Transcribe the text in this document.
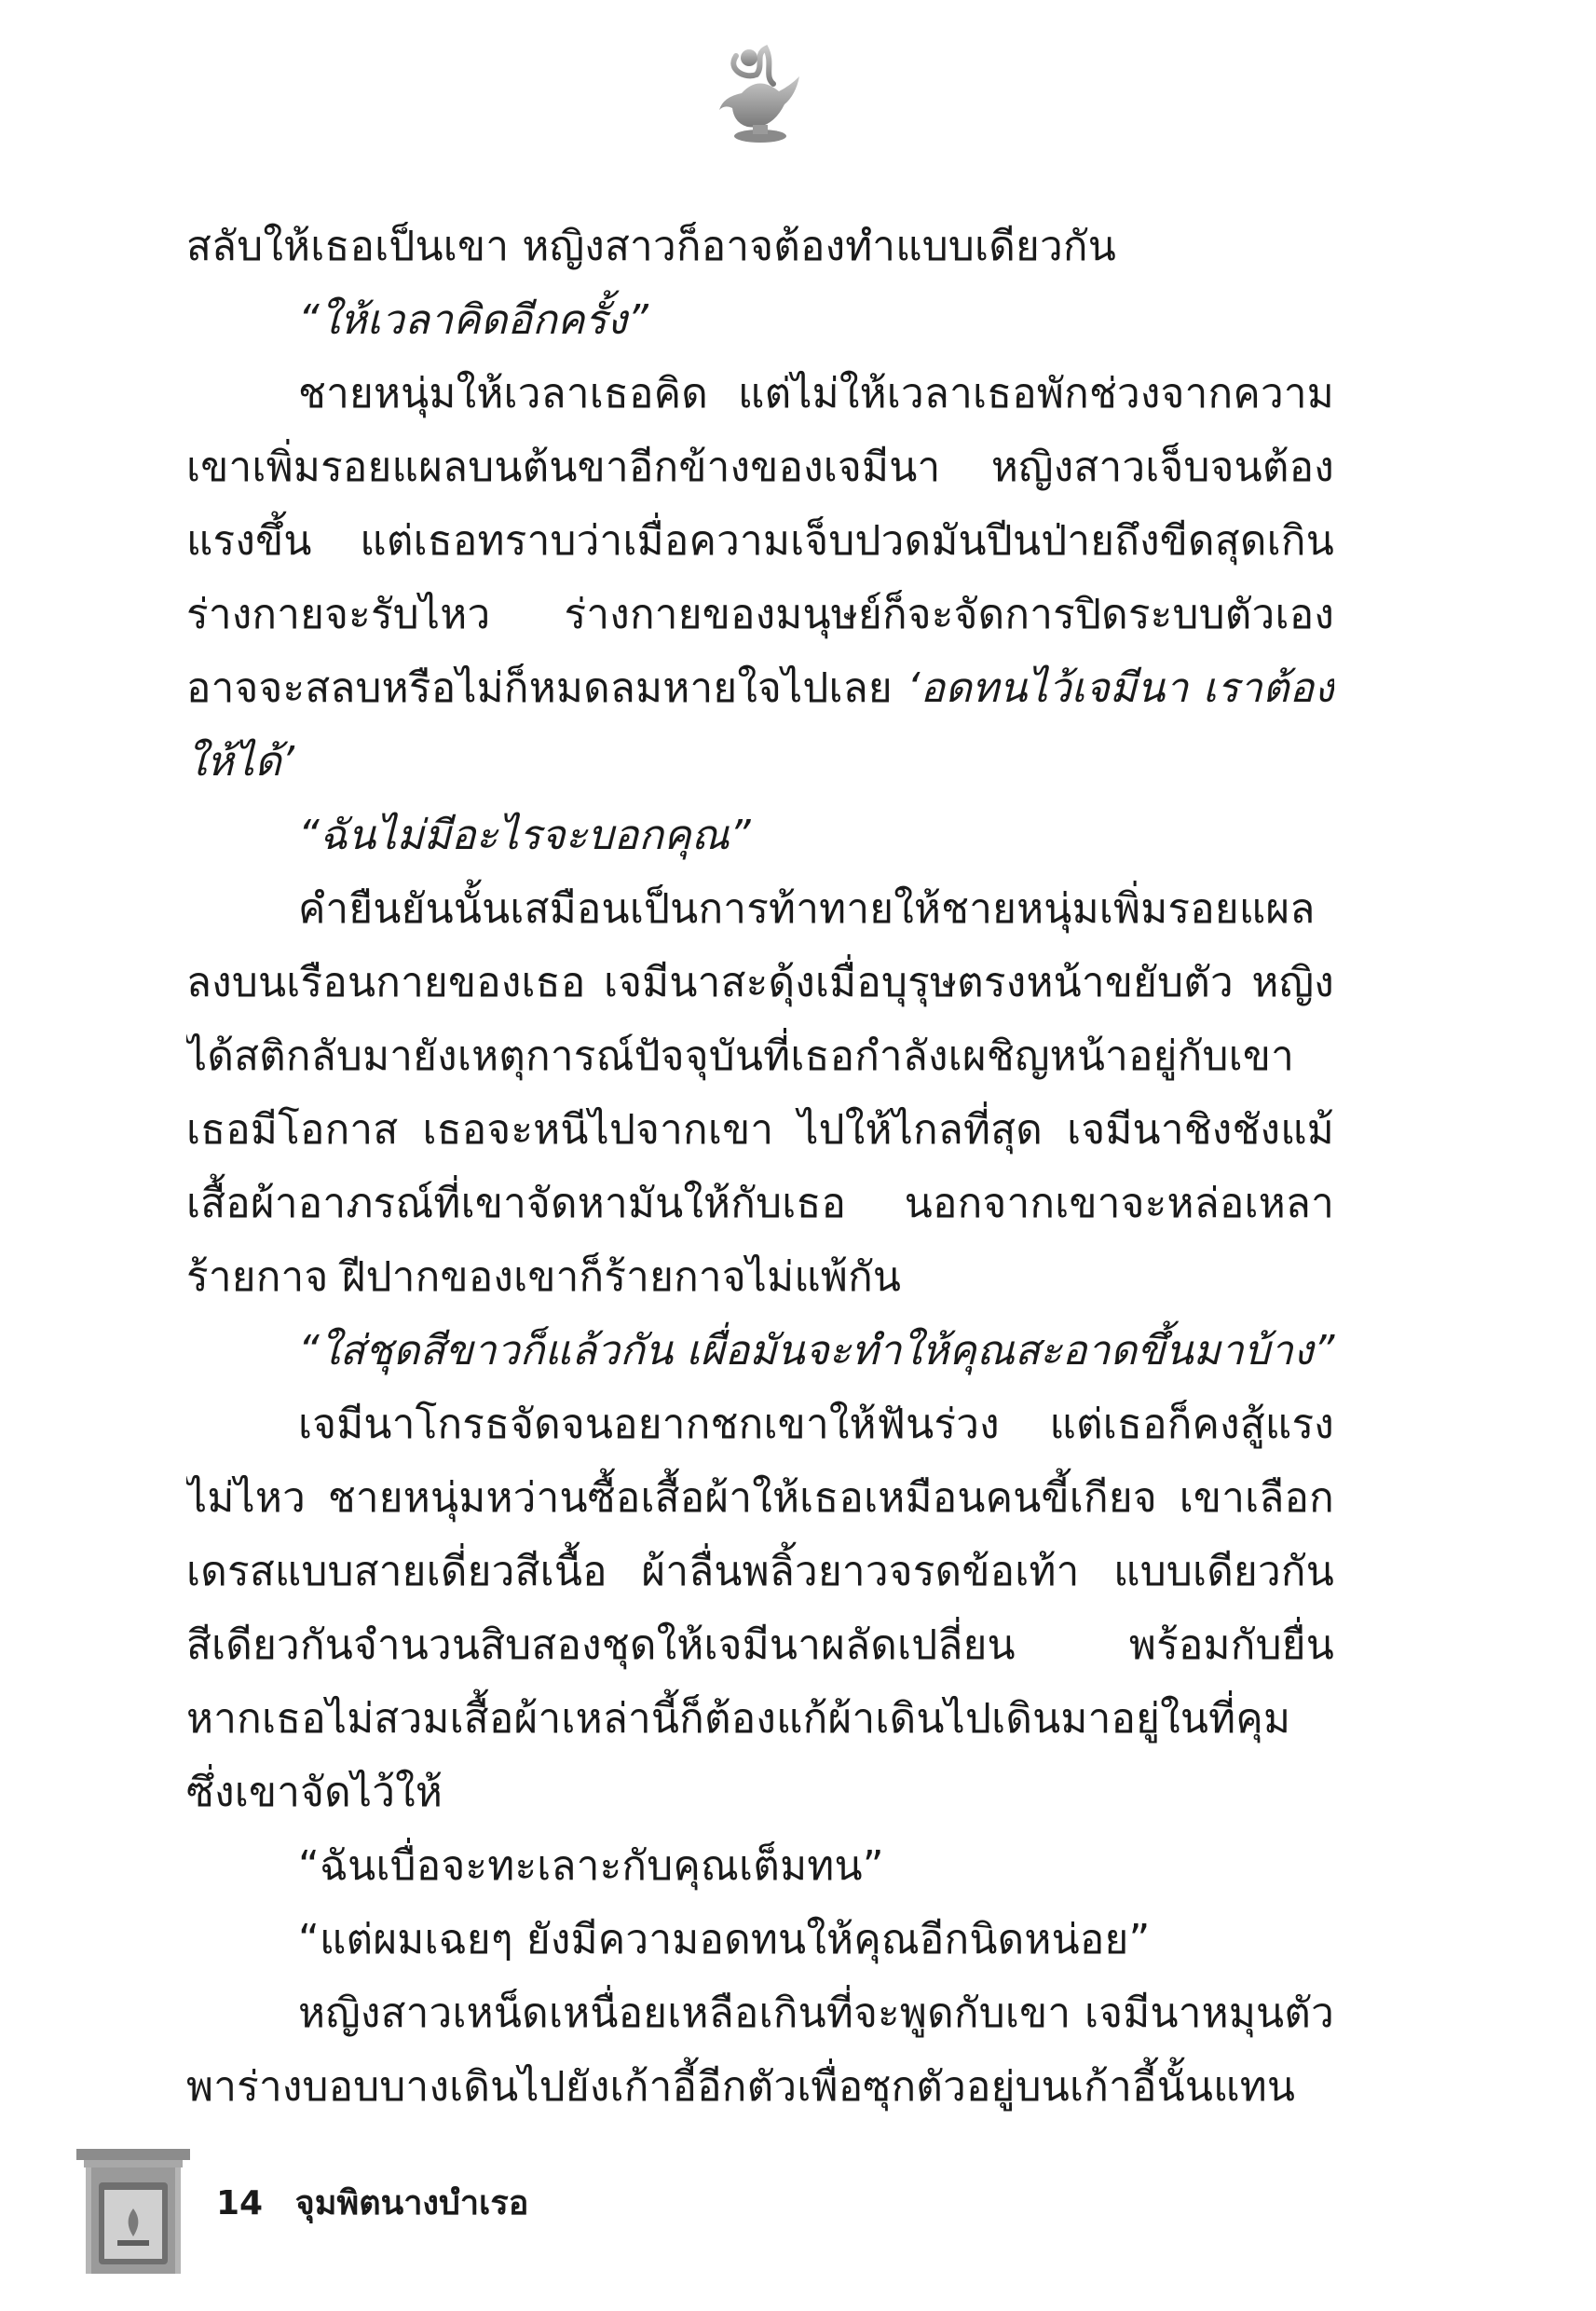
สลับให้เธอเป็นเขา หญิงสาวก็อาจต้องทำแบบเดียวกัน
“ให้เวลาคิดอีกครั้ง”
ชายหนุ่มให้เวลาเธอคิด แต่ไม่ให้เวลาเธอพักช่วงจากความ
เขาเพิ่มรอยแผลบนต้นขาอีกข้างของเจมีนา หญิงสาวเจ็บจนต้อง
แรงขึ้น แต่เธอทราบว่าเมื่อความเจ็บปวดมันปีนป่ายถึงขีดสุดเกิน
ร่างกายจะรับไหว ร่างกายของมนุษย์ก็จะจัดการปิดระบบตัวเอง
อาจจะสลบหรือไม่ก็หมดลมหายใจไปเลย ‘อดทนไว้เจมีนา เราต้อง
ให้ได้’
“ฉันไม่มีอะไรจะบอกคุณ”
คำยืนยันนั้นเสมือนเป็นการท้าทายให้ชายหนุ่มเพิ่มรอยแผล
ลงบนเรือนกายของเธอ เจมีนาสะดุ้งเมื่อบุรุษตรงหน้าขยับตัว หญิง
ได้สติกลับมายังเหตุการณ์ปัจจุบันที่เธอกำลังเผชิญหน้าอยู่กับเขา
เธอมีโอกาส เธอจะหนีไปจากเขา ไปให้ไกลที่สุด เจมีนาชิงชังแม้
เสื้อผ้าอาภรณ์ที่เขาจัดหามันให้กับเธอ นอกจากเขาจะหล่อเหลา
ร้ายกาจ ฝีปากของเขาก็ร้ายกาจไม่แพ้กัน
“ใส่ชุดสีขาวก็แล้วกัน เผื่อมันจะทำให้คุณสะอาดขึ้นมาบ้าง”
เจมีนาโกรธจัดจนอยากชกเขาให้ฟันร่วง แต่เธอก็คงสู้แรง
ไม่ไหว ชายหนุ่มหว่านซื้อเสื้อผ้าให้เธอเหมือนคนขี้เกียจ เขาเลือก
เดรสแบบสายเดี่ยวสีเนื้อ ผ้าลื่นพลิ้วยาวจรดข้อเท้า แบบเดียวกัน
สีเดียวกันจำนวนสิบสองชุดให้เจมีนาผลัดเปลี่ยน พร้อมกับยื่น
หากเธอไม่สวมเสื้อผ้าเหล่านี้ก็ต้องแก้ผ้าเดินไปเดินมาอยู่ในที่คุม
ซึ่งเขาจัดไว้ให้
“ฉันเบื่อจะทะเลาะกับคุณเต็มทน”
“แต่ผมเฉยๆ ยังมีความอดทนให้คุณอีกนิดหน่อย”
หญิงสาวเหน็ดเหนื่อยเหลือเกินที่จะพูดกับเขา เจมีนาหมุนตัว
พาร่างบอบบางเดินไปยังเก้าอี้อีกตัวเพื่อซุกตัวอยู่บนเก้าอี้นั้นแทน
14 จุมพิตนางบำเรอ
